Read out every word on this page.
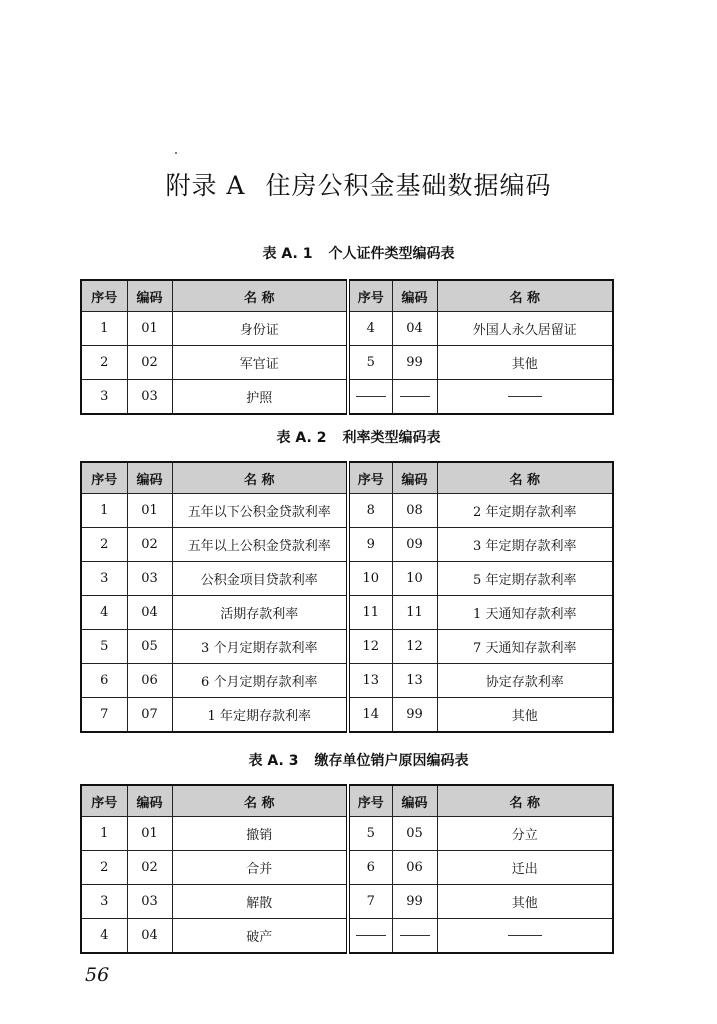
附录 A 住房公积金基础数据编码
表 A. 1 个人证件类型编码表
序号	编码	名 称	序号	编码	名 称
1	01	身份证	4	04	外国人永久居留证
2	02	军官证	5	99	其他
3	03	护照			
表 A. 2 利率类型编码表
序号	编码	名 称	序号	编码	名 称
1	01	五年以下公积金贷款利率	8	08	2 年定期存款利率
2	02	五年以上公积金贷款利率	9	09	3 年定期存款利率
3	03	公积金项目贷款利率	10	10	5 年定期存款利率
4	04	活期存款利率	11	11	1 天通知存款利率
5	05	3 个月定期存款利率	12	12	7 天通知存款利率
6	06	6 个月定期存款利率	13	13	协定存款利率
7	07	1 年定期存款利率	14	99	其他
表 A. 3 缴存单位销户原因编码表
序号	编码	名 称	序号	编码	名 称
1	01	撤销	5	05	分立
2	02	合并	6	06	迁出
3	03	解散	7	99	其他
4	04	破产			
56
